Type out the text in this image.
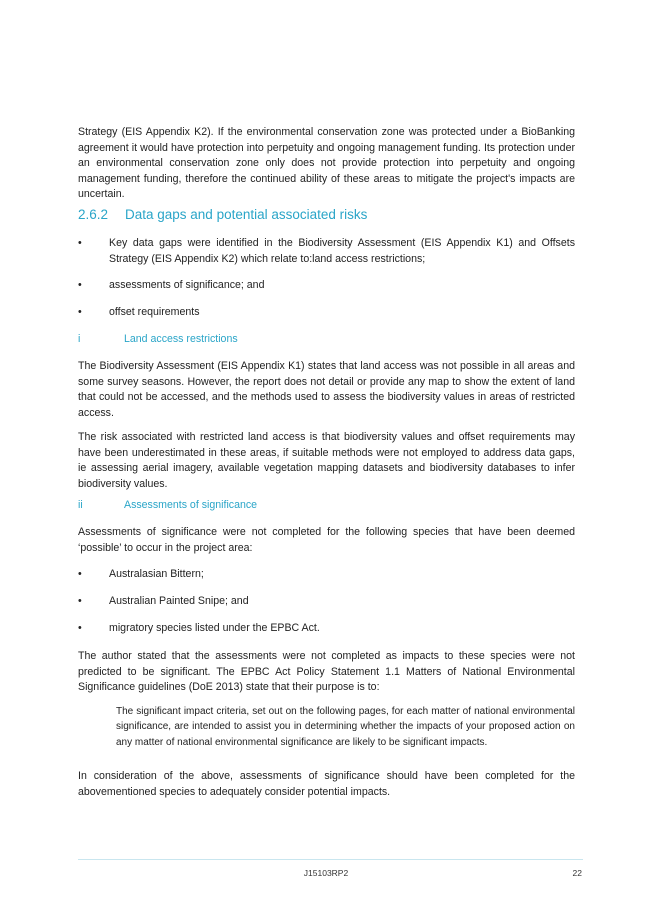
Strategy (EIS Appendix K2). If the environmental conservation zone was protected under a BioBanking agreement it would have protection into perpetuity and ongoing management funding. Its protection under an environmental conservation zone only does not provide protection into perpetuity and ongoing management funding, therefore the continued ability of these areas to mitigate the project's impacts are uncertain.

2.6.2 Data gaps and potential associated risks
•	Key data gaps were identified in the Biodiversity Assessment (EIS Appendix K1) and Offsets Strategy (EIS Appendix K2) which relate to:land access restrictions;
•	assessments of significance; and
•	offset requirements
i	Land access restrictions

The Biodiversity Assessment (EIS Appendix K1) states that land access was not possible in all areas and some survey seasons. However, the report does not detail or provide any map to show the extent of land that could not be accessed, and the methods used to assess the biodiversity values in areas of restricted access.

The risk associated with restricted land access is that biodiversity values and offset requirements may have been underestimated in these areas, if suitable methods were not employed to address data gaps, ie assessing aerial imagery, available vegetation mapping datasets and biodiversity databases to infer biodiversity values.

ii	Assessments of significance

Assessments of significance were not completed for the following species that have been deemed ‘possible’ to occur in the project area:

•	Australasian Bittern;
•	Australian Painted Snipe; and
•	migratory species listed under the EPBC Act.

The author stated that the assessments were not completed as impacts to these species were not predicted to be significant. The EPBC Act Policy Statement 1.1 Matters of National Environmental Significance guidelines (DoE 2013) state that their purpose is to:

The significant impact criteria, set out on the following pages, for each matter of national environmental significance, are intended to assist you in determining whether the impacts of your proposed action on any matter of national environmental significance are likely to be significant impacts.

In consideration of the above, assessments of significance should have been completed for the abovementioned species to adequately consider potential impacts.

J15103RP2	22
